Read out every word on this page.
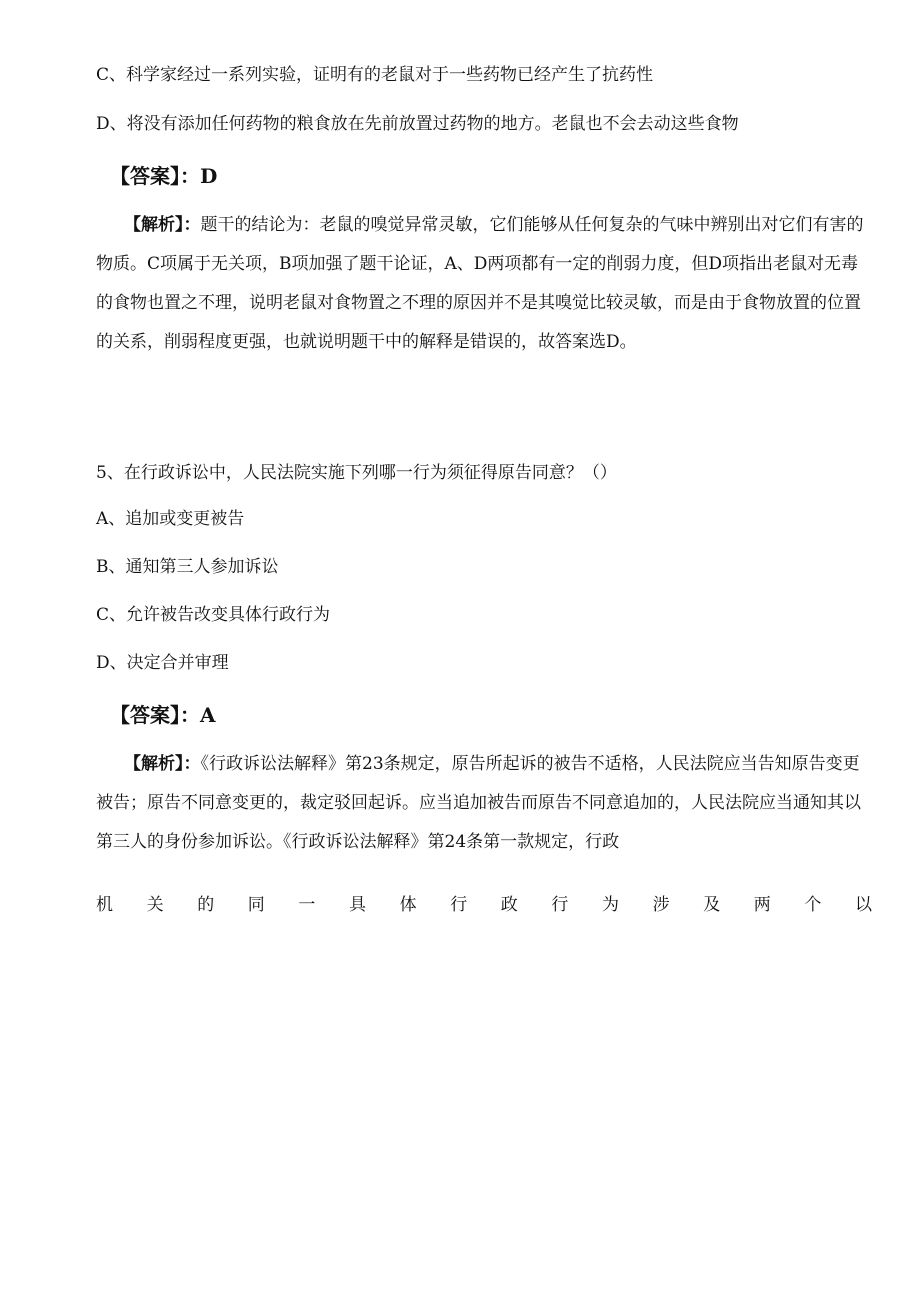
C、科学家经过一系列实验，证明有的老鼠对于一些药物已经产生了抗药性
D、将没有添加任何药物的粮食放在先前放置过药物的地方。老鼠也不会去动这些食物
【答案】：D
【解析】：题干的结论为：老鼠的嗅觉异常灵敏，它们能够从任何复杂的气味中辨别出对它们有害的物质。C项属于无关项，B项加强了题干论证，A、D两项都有一定的削弱力度，但D项指出老鼠对无毒的食物也置之不理，说明老鼠对食物置之不理的原因并不是其嗅觉比较灵敏，而是由于食物放置的位置的关系，削弱程度更强，也就说明题干中的解释是错误的，故答案选D。
5、在行政诉讼中，人民法院实施下列哪一行为须征得原告同意？（）
A、追加或变更被告
B、通知第三人参加诉讼
C、允许被告改变具体行政行为
D、决定合并审理
【答案】：A
【解析】：《行政诉讼法解释》第23条规定，原告所起诉的被告不适格，人民法院应当告知原告变更被告；原告不同意变更的，裁定驳回起诉。应当追加被告而原告不同意追加的，人民法院应当通知其以第三人的身份参加诉讼。《行政诉讼法解释》第24条第一款规定，行政
机 关 的 同 一 具 体 行 政 行 为 涉 及 两 个 以
